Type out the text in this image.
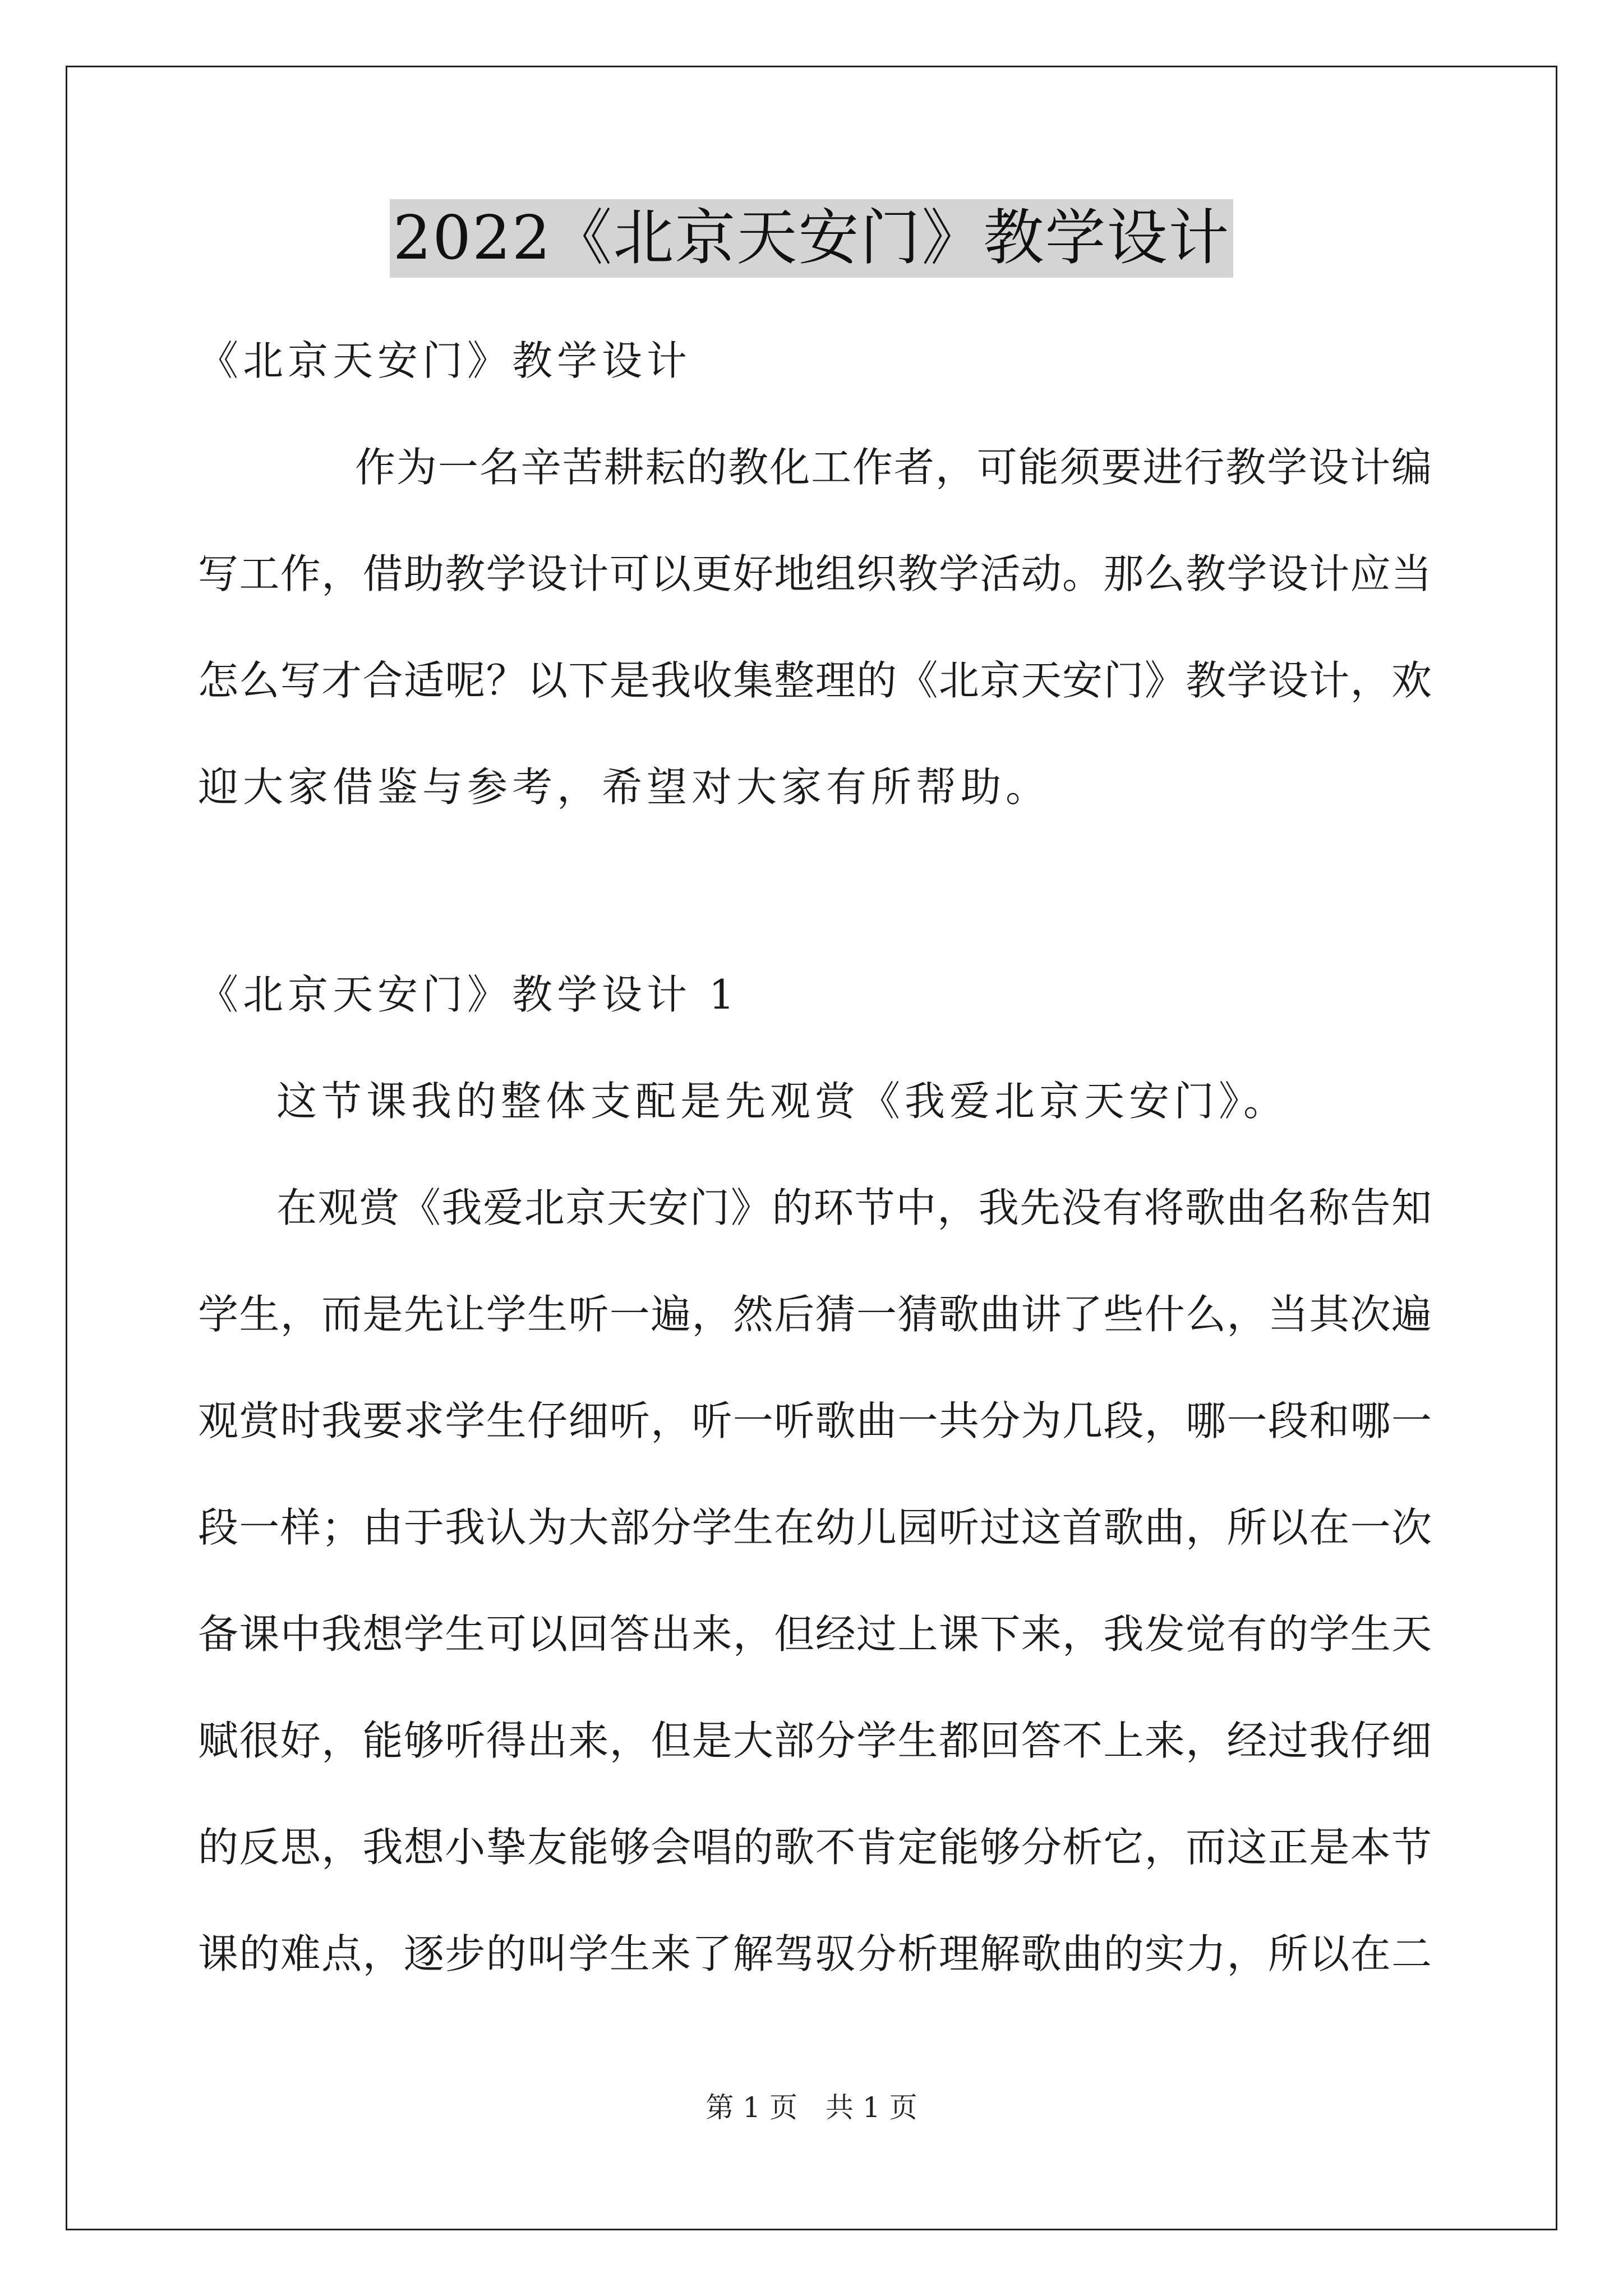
2022《北京天安门》教学设计
《北京天安门》教学设计
作为一名辛苦耕耘的教化工作者，可能须要进行教学设计编
写工作，借助教学设计可以更好地组织教学活动。那么教学设计应当
怎么写才合适呢？以下是我收集整理的《北京天安门》教学设计，欢
迎大家借鉴与参考，希望对大家有所帮助。
《北京天安门》教学设计 1
这节课我的整体支配是先观赏《我爱北京天安门》。
在观赏《我爱北京天安门》的环节中，我先没有将歌曲名称告知
学生，而是先让学生听一遍，然后猜一猜歌曲讲了些什么，当其次遍
观赏时我要求学生仔细听，听一听歌曲一共分为几段，哪一段和哪一
段一样；由于我认为大部分学生在幼儿园听过这首歌曲，所以在一次
备课中我想学生可以回答出来，但经过上课下来，我发觉有的学生天
赋很好，能够听得出来，但是大部分学生都回答不上来，经过我仔细
的反思，我想小挚友能够会唱的歌不肯定能够分析它，而这正是本节
课的难点，逐步的叫学生来了解驾驭分析理解歌曲的实力，所以在二
第 1 页　共 1 页
